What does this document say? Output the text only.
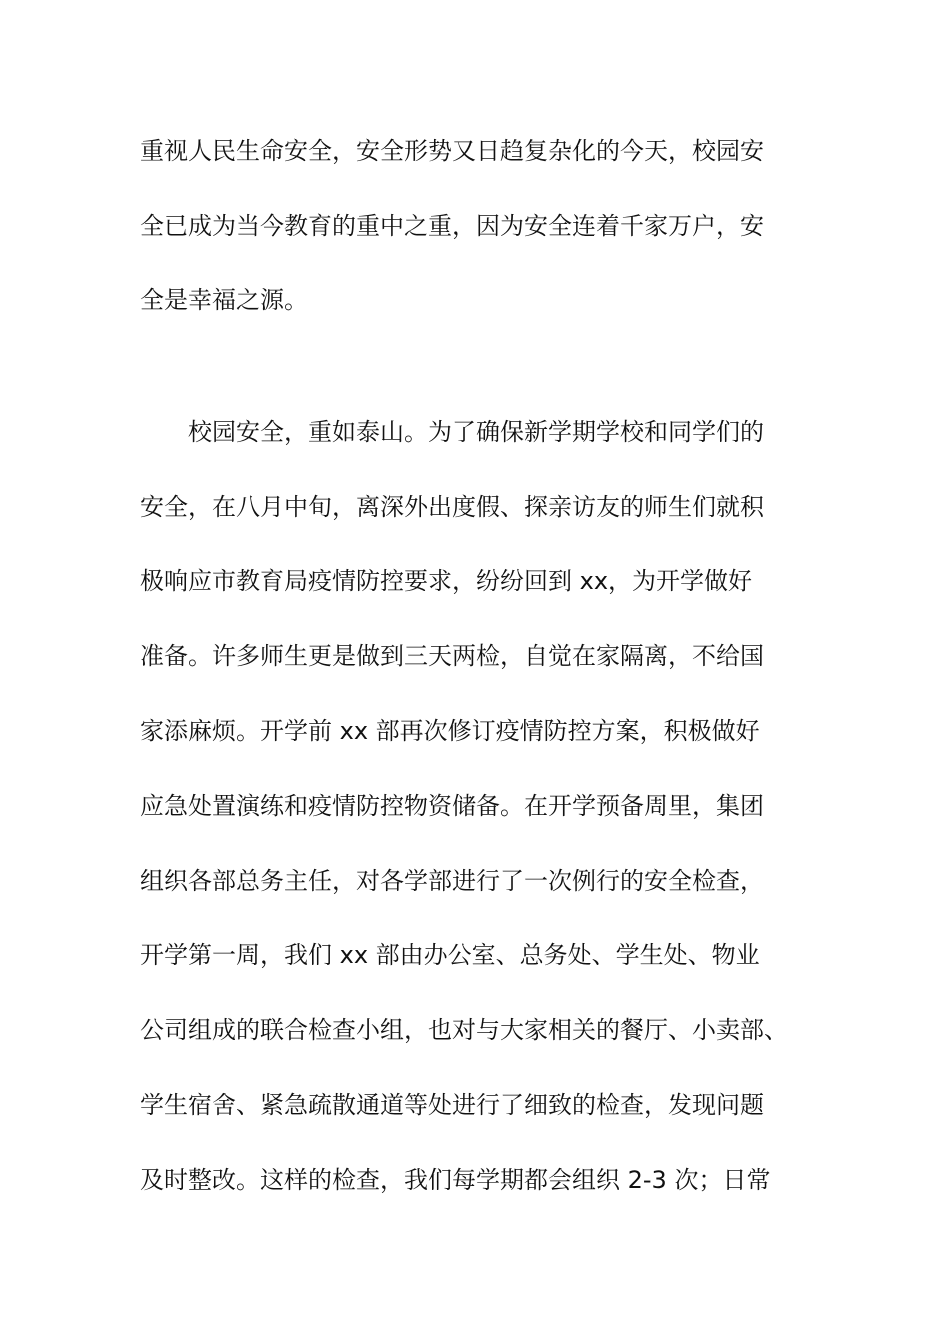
重视人民生命安全，安全形势又日趋复杂化的今天，校园安
全已成为当今教育的重中之重，因为安全连着千家万户，安
全是幸福之源。
　　校园安全，重如泰山。为了确保新学期学校和同学们的
安全，在八月中旬，离深外出度假、探亲访友的师生们就积
极响应市教育局疫情防控要求，纷纷回到 xx，为开学做好
准备。许多师生更是做到三天两检，自觉在家隔离，不给国
家添麻烦。开学前 xx 部再次修订疫情防控方案，积极做好
应急处置演练和疫情防控物资储备。在开学预备周里，集团
组织各部总务主任，对各学部进行了一次例行的安全检查，
开学第一周，我们 xx 部由办公室、总务处、学生处、物业
公司组成的联合检查小组，也对与大家相关的餐厅、小卖部、
学生宿舍、紧急疏散通道等处进行了细致的检查，发现问题
及时整改。这样的检查，我们每学期都会组织 2-3 次；日常
